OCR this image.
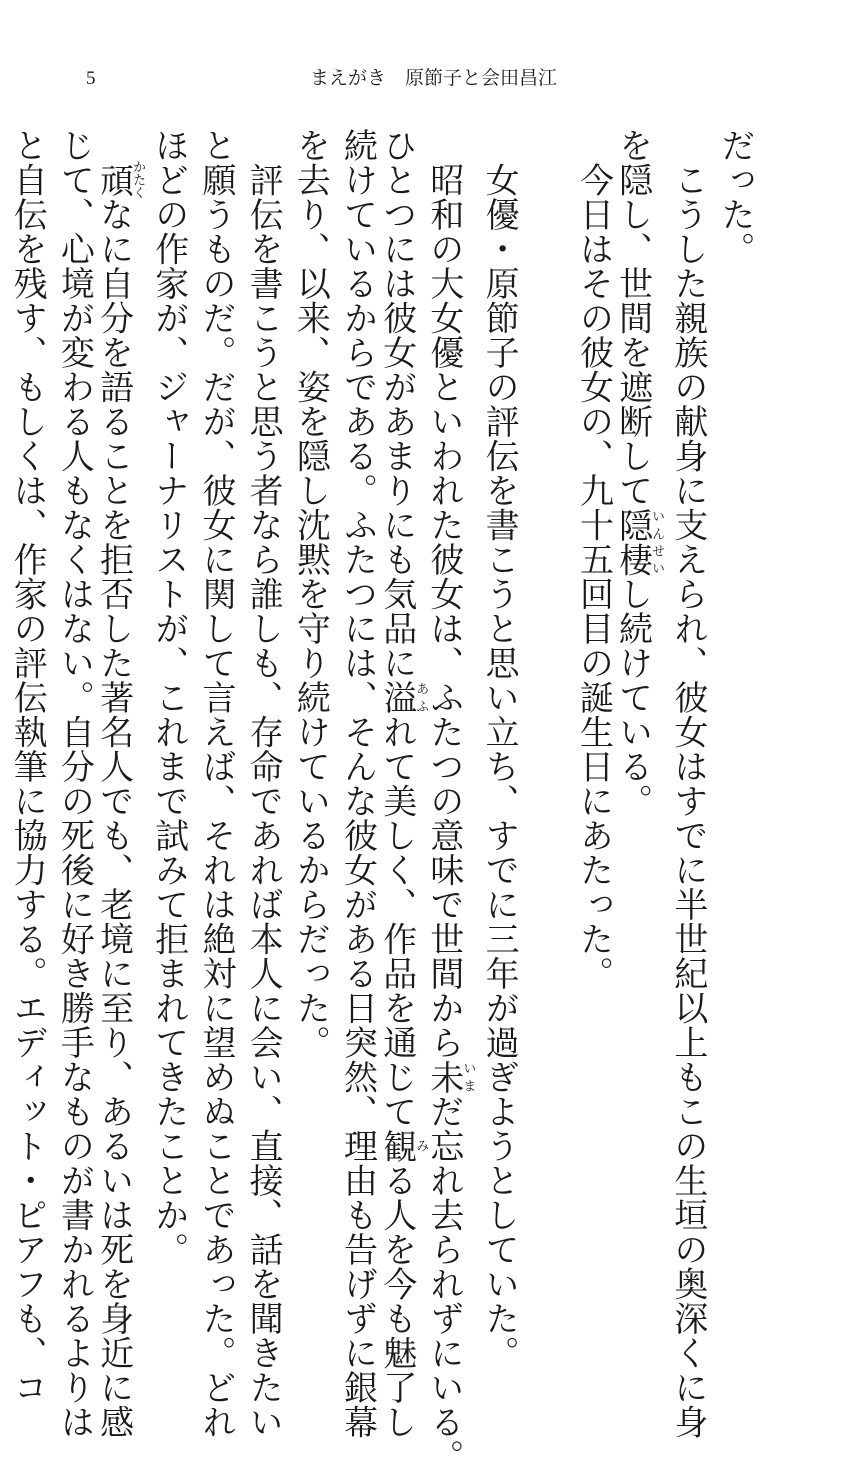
5	まえがき　原節子と会田昌江
だった。
　こうした親族の献身に支えられ、彼女はすでに半世紀以上もこの生垣の奥深くに身
を隠し、世間を遮断して隠棲いんせいし続けている。
　今日はその彼女の、九十五回目の誕生日にあたった。
　女優・原節子の評伝を書こうと思い立ち、すでに三年が過ぎようとしていた。
　昭和の大女優といわれた彼女は、ふたつの意味で世間から未いまだ忘れ去られずにいる。
ひとつには彼女があまりにも気品に溢あふれて美しく、作品を通じて観みる人を今も魅了し
続けているからである。ふたつには、そんな彼女がある日突然、理由も告げずに銀幕
を去り、以来、姿を隠し沈黙を守り続けているからだった。
　評伝を書こうと思う者なら誰しも、存命であれば本人に会い、直接、話を聞きたい
と願うものだ。だが、彼女に関して言えば、それは絶対に望めぬことであった。どれ
ほどの作家が、ジャーナリストが、これまで試みて拒まれてきたことか。
　頑かたくなに自分を語ることを拒否した著名人でも、老境に至り、あるいは死を身近に感
じて、心境が変わる人もなくはない。自分の死後に好き勝手なものが書かれるよりは
と自伝を残す、もしくは、作家の評伝執筆に協力する。エディット・ピアフも、コ
